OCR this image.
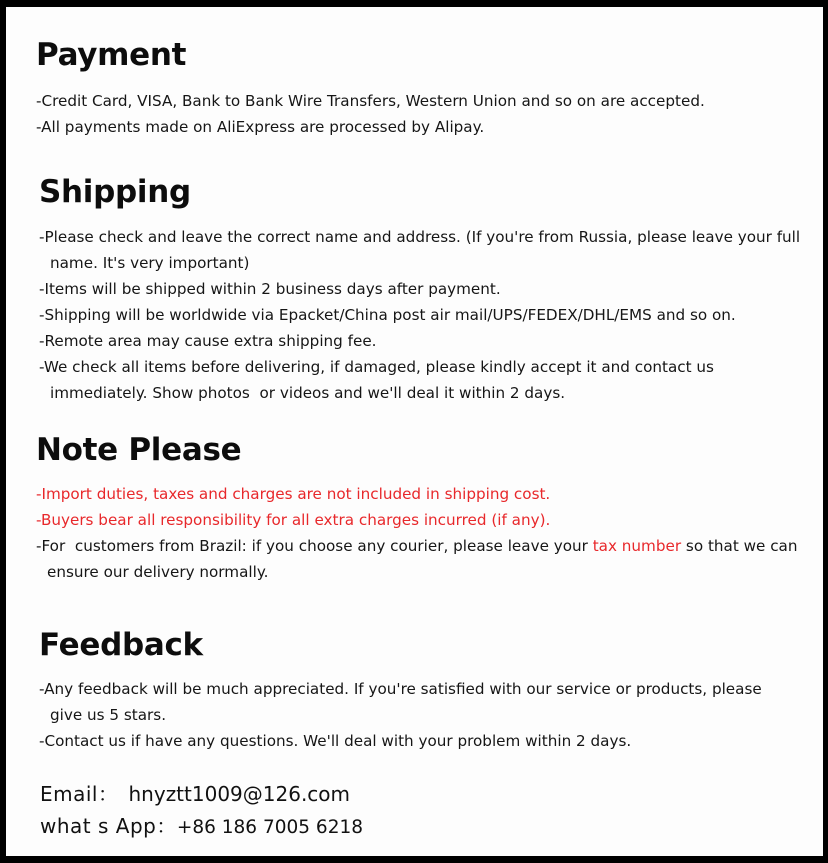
Payment
-Credit Card, VISA, Bank to Bank Wire Transfers, Western Union and so on are accepted.
-All payments made on AliExpress are processed by Alipay.
Shipping
-Please check and leave the correct name and address. (If you're from Russia, please leave your full
name. It's very important)
-Items will be shipped within 2 business days after payment.
-Shipping will be worldwide via Epacket/China post air mail/UPS/FEDEX/DHL/EMS and so on.
-Remote area may cause extra shipping fee.
-We check all items before delivering, if damaged, please kindly accept it and contact us
immediately. Show photos  or videos and we'll deal it within 2 days.
Note Please
-Import duties, taxes and charges are not included in shipping cost.
-Buyers bear all responsibility for all extra charges incurred (if any).
-For  customers from Brazil: if you choose any courier, please leave your tax number so that we can
ensure our delivery normally.
Feedback
-Any feedback will be much appreciated. If you're satisfied with our service or products, please
give us 5 stars.
-Contact us if have any questions. We'll deal with your problem within 2 days.
Email： hnyztt1009@126.com
what s App：+86 186 7005 6218
